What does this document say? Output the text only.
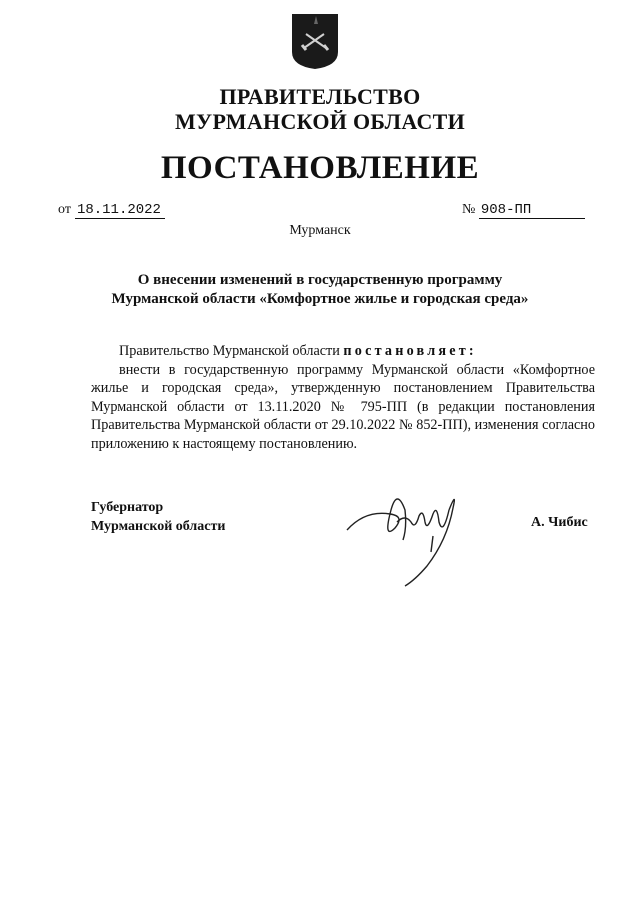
ПРАВИТЕЛЬСТВО
МУРМАНСКОЙ ОБЛАСТИ
ПОСТАНОВЛЕНИЕ
от 18.11.2022	№ 908-ПП
Мурманск
О внесении изменений в государственную программу
Мурманской области «Комфортное жилье и городская среда»

Правительство Мурманской области постановляет:

внести в государственную программу Мурманской области «Комфортное жилье и городская среда», утвержденную постановлением Правительства Мурманской области от 13.11.2020 № 795-ПП (в редакции постановления Правительства Мурманской области от 29.10.2022 № 852-ПП), изменения согласно приложению к настоящему постановлению.

Губернатор
Мурманской области	А. Чибис
